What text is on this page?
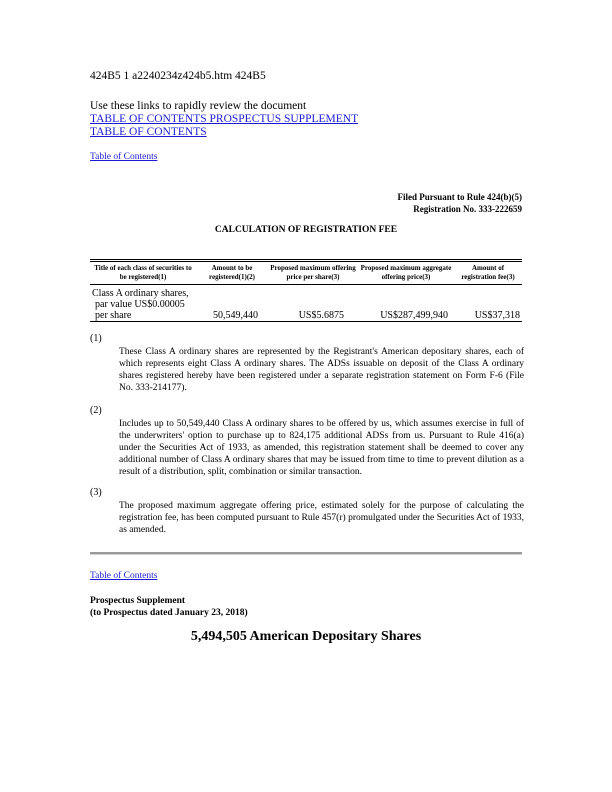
424B5 1 a2240234z424b5.htm 424B5
Use these links to rapidly review the document
TABLE OF CONTENTS PROSPECTUS SUPPLEMENT
TABLE OF CONTENTS
Table of Contents
Filed Pursuant to Rule 424(b)(5)
Registration No. 333-222659
CALCULATION OF REGISTRATION FEE
Title of each class of securities to be registered(1)	Amount to be registered(1)(2)	Proposed maximum offering price per share(3)	Proposed maximum aggregate offering price(3)	Amount of registration fee(3)

Class A ordinary shares,
par value US$0.00005
per share	50,549,440	US$5.6875	US$287,499,940	US$37,318
(1)
These Class A ordinary shares are represented by the Registrant's American depositary shares, each of which represents eight Class A ordinary shares. The ADSs issuable on deposit of the Class A ordinary shares registered hereby have been registered under a separate registration statement on Form F-6 (File No. 333-214177).
(2)
Includes up to 50,549,440 Class A ordinary shares to be offered by us, which assumes exercise in full of the underwriters' option to purchase up to 824,175 additional ADSs from us. Pursuant to Rule 416(a) under the Securities Act of 1933, as amended, this registration statement shall be deemed to cover any additional number of Class A ordinary shares that may be issued from time to time to prevent dilution as a result of a distribution, split, combination or similar transaction.
(3)
The proposed maximum aggregate offering price, estimated solely for the purpose of calculating the registration fee, has been computed pursuant to Rule 457(r) promulgated under the Securities Act of 1933, as amended.
Table of Contents
Prospectus Supplement
(to Prospectus dated January 23, 2018)
5,494,505 American Depositary Shares
